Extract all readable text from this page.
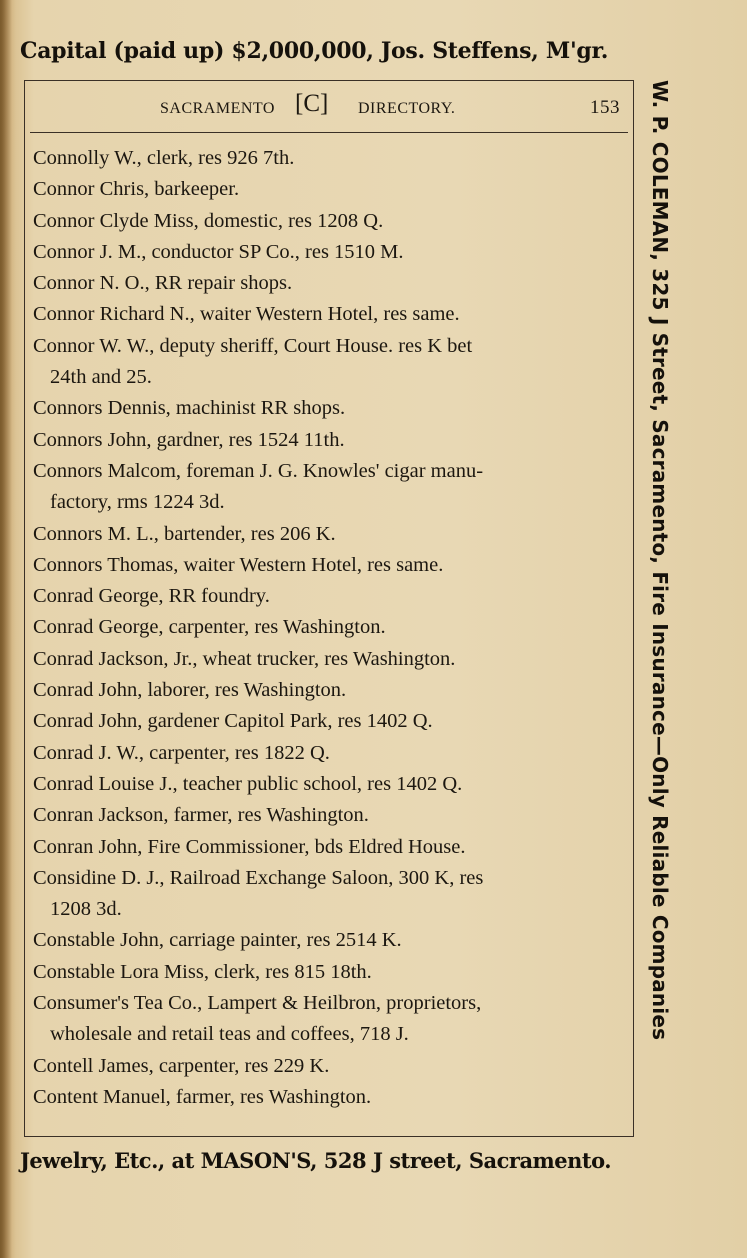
Capital (paid up) $2,000,000, Jos. Steffens, M'gr.
SACRAMENTO [C] DIRECTORY.	153
Connolly W., clerk, res 926 7th.
Connor Chris, barkeeper.
Connor Clyde Miss, domestic, res 1208 Q.
Connor J. M., conductor SP Co., res 1510 M.
Connor N. O., RR repair shops.
Connor Richard N., waiter Western Hotel, res same.
Connor W. W., deputy sheriff, Court House. res K bet
24th and 25.
Connors Dennis, machinist RR shops.
Connors John, gardner, res 1524 11th.
Connors Malcom, foreman J. G. Knowles' cigar manu-
factory, rms 1224 3d.
Connors M. L., bartender, res 206 K.
Connors Thomas, waiter Western Hotel, res same.
Conrad George, RR foundry.
Conrad George, carpenter, res Washington.
Conrad Jackson, Jr., wheat trucker, res Washington.
Conrad John, laborer, res Washington.
Conrad John, gardener Capitol Park, res 1402 Q.
Conrad J. W., carpenter, res 1822 Q.
Conrad Louise J., teacher public school, res 1402 Q.
Conran Jackson, farmer, res Washington.
Conran John, Fire Commissioner, bds Eldred House.
Considine D. J., Railroad Exchange Saloon, 300 K, res
1208 3d.
Constable John, carriage painter, res 2514 K.
Constable Lora Miss, clerk, res 815 18th.
Consumer's Tea Co., Lampert & Heilbron, proprietors,
wholesale and retail teas and coffees, 718 J.
Contell James, carpenter, res 229 K.
Content Manuel, farmer, res Washington.
W. P. COLEMAN, 325 J Street, Sacramento, Fire Insurance—Only Reliable Companies
Jewelry, Etc., at MASON'S, 528 J street, Sacramento.
